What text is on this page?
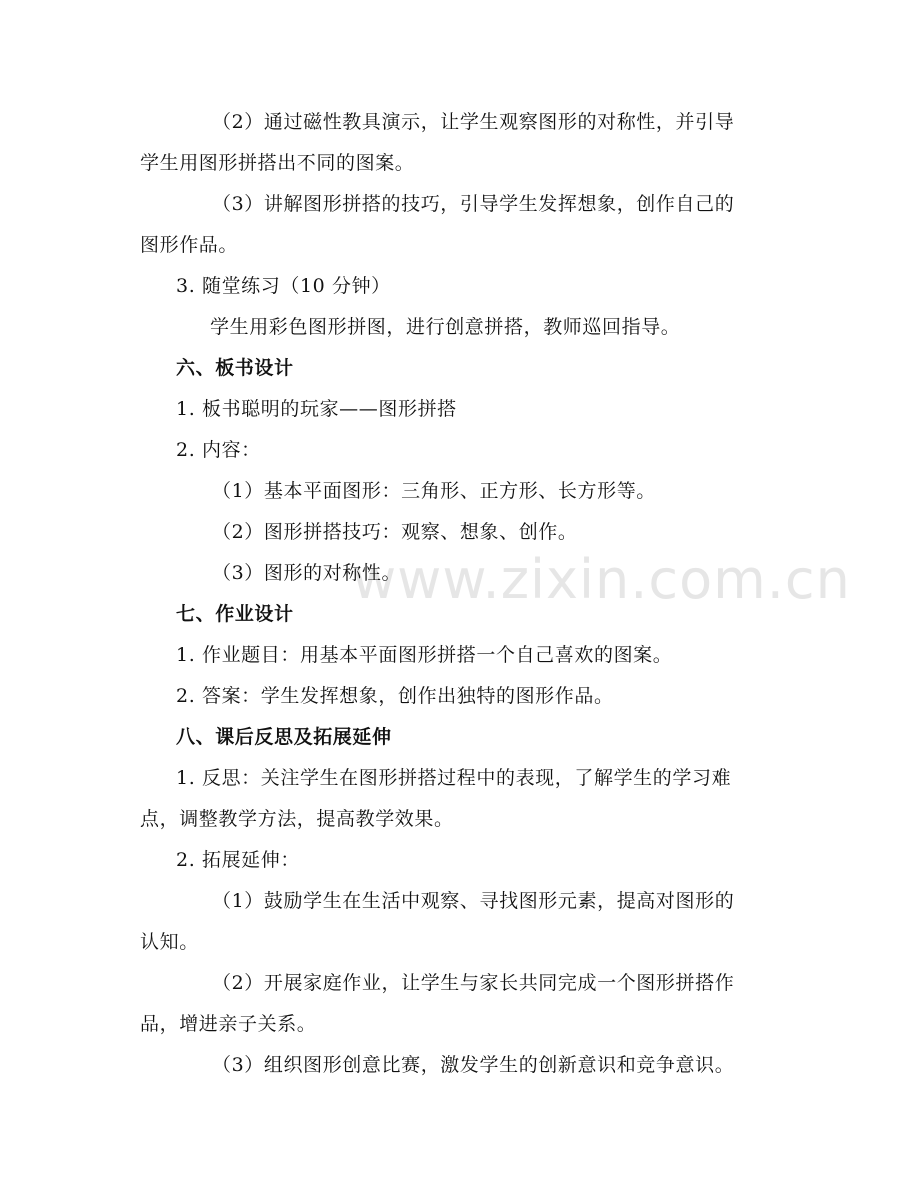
www.zixin.com.cn
（2）通过磁性教具演示，让学生观察图形的对称性，并引导
学生用图形拼搭出不同的图案。
（3）讲解图形拼搭的技巧，引导学生发挥想象，创作自己的
图形作品。
3. 随堂练习（10 分钟）
学生用彩色图形拼图，进行创意拼搭，教师巡回指导。
六、板书设计
1. 板书聪明的玩家——图形拼搭
2. 内容：
（1）基本平面图形：三角形、正方形、长方形等。
（2）图形拼搭技巧：观察、想象、创作。
（3）图形的对称性。
七、作业设计
1. 作业题目：用基本平面图形拼搭一个自己喜欢的图案。
2. 答案：学生发挥想象，创作出独特的图形作品。
八、课后反思及拓展延伸
1. 反思：关注学生在图形拼搭过程中的表现，了解学生的学习难
点，调整教学方法，提高教学效果。
2. 拓展延伸：
（1）鼓励学生在生活中观察、寻找图形元素，提高对图形的
认知。
（2）开展家庭作业，让学生与家长共同完成一个图形拼搭作
品，增进亲子关系。
（3）组织图形创意比赛，激发学生的创新意识和竞争意识。
